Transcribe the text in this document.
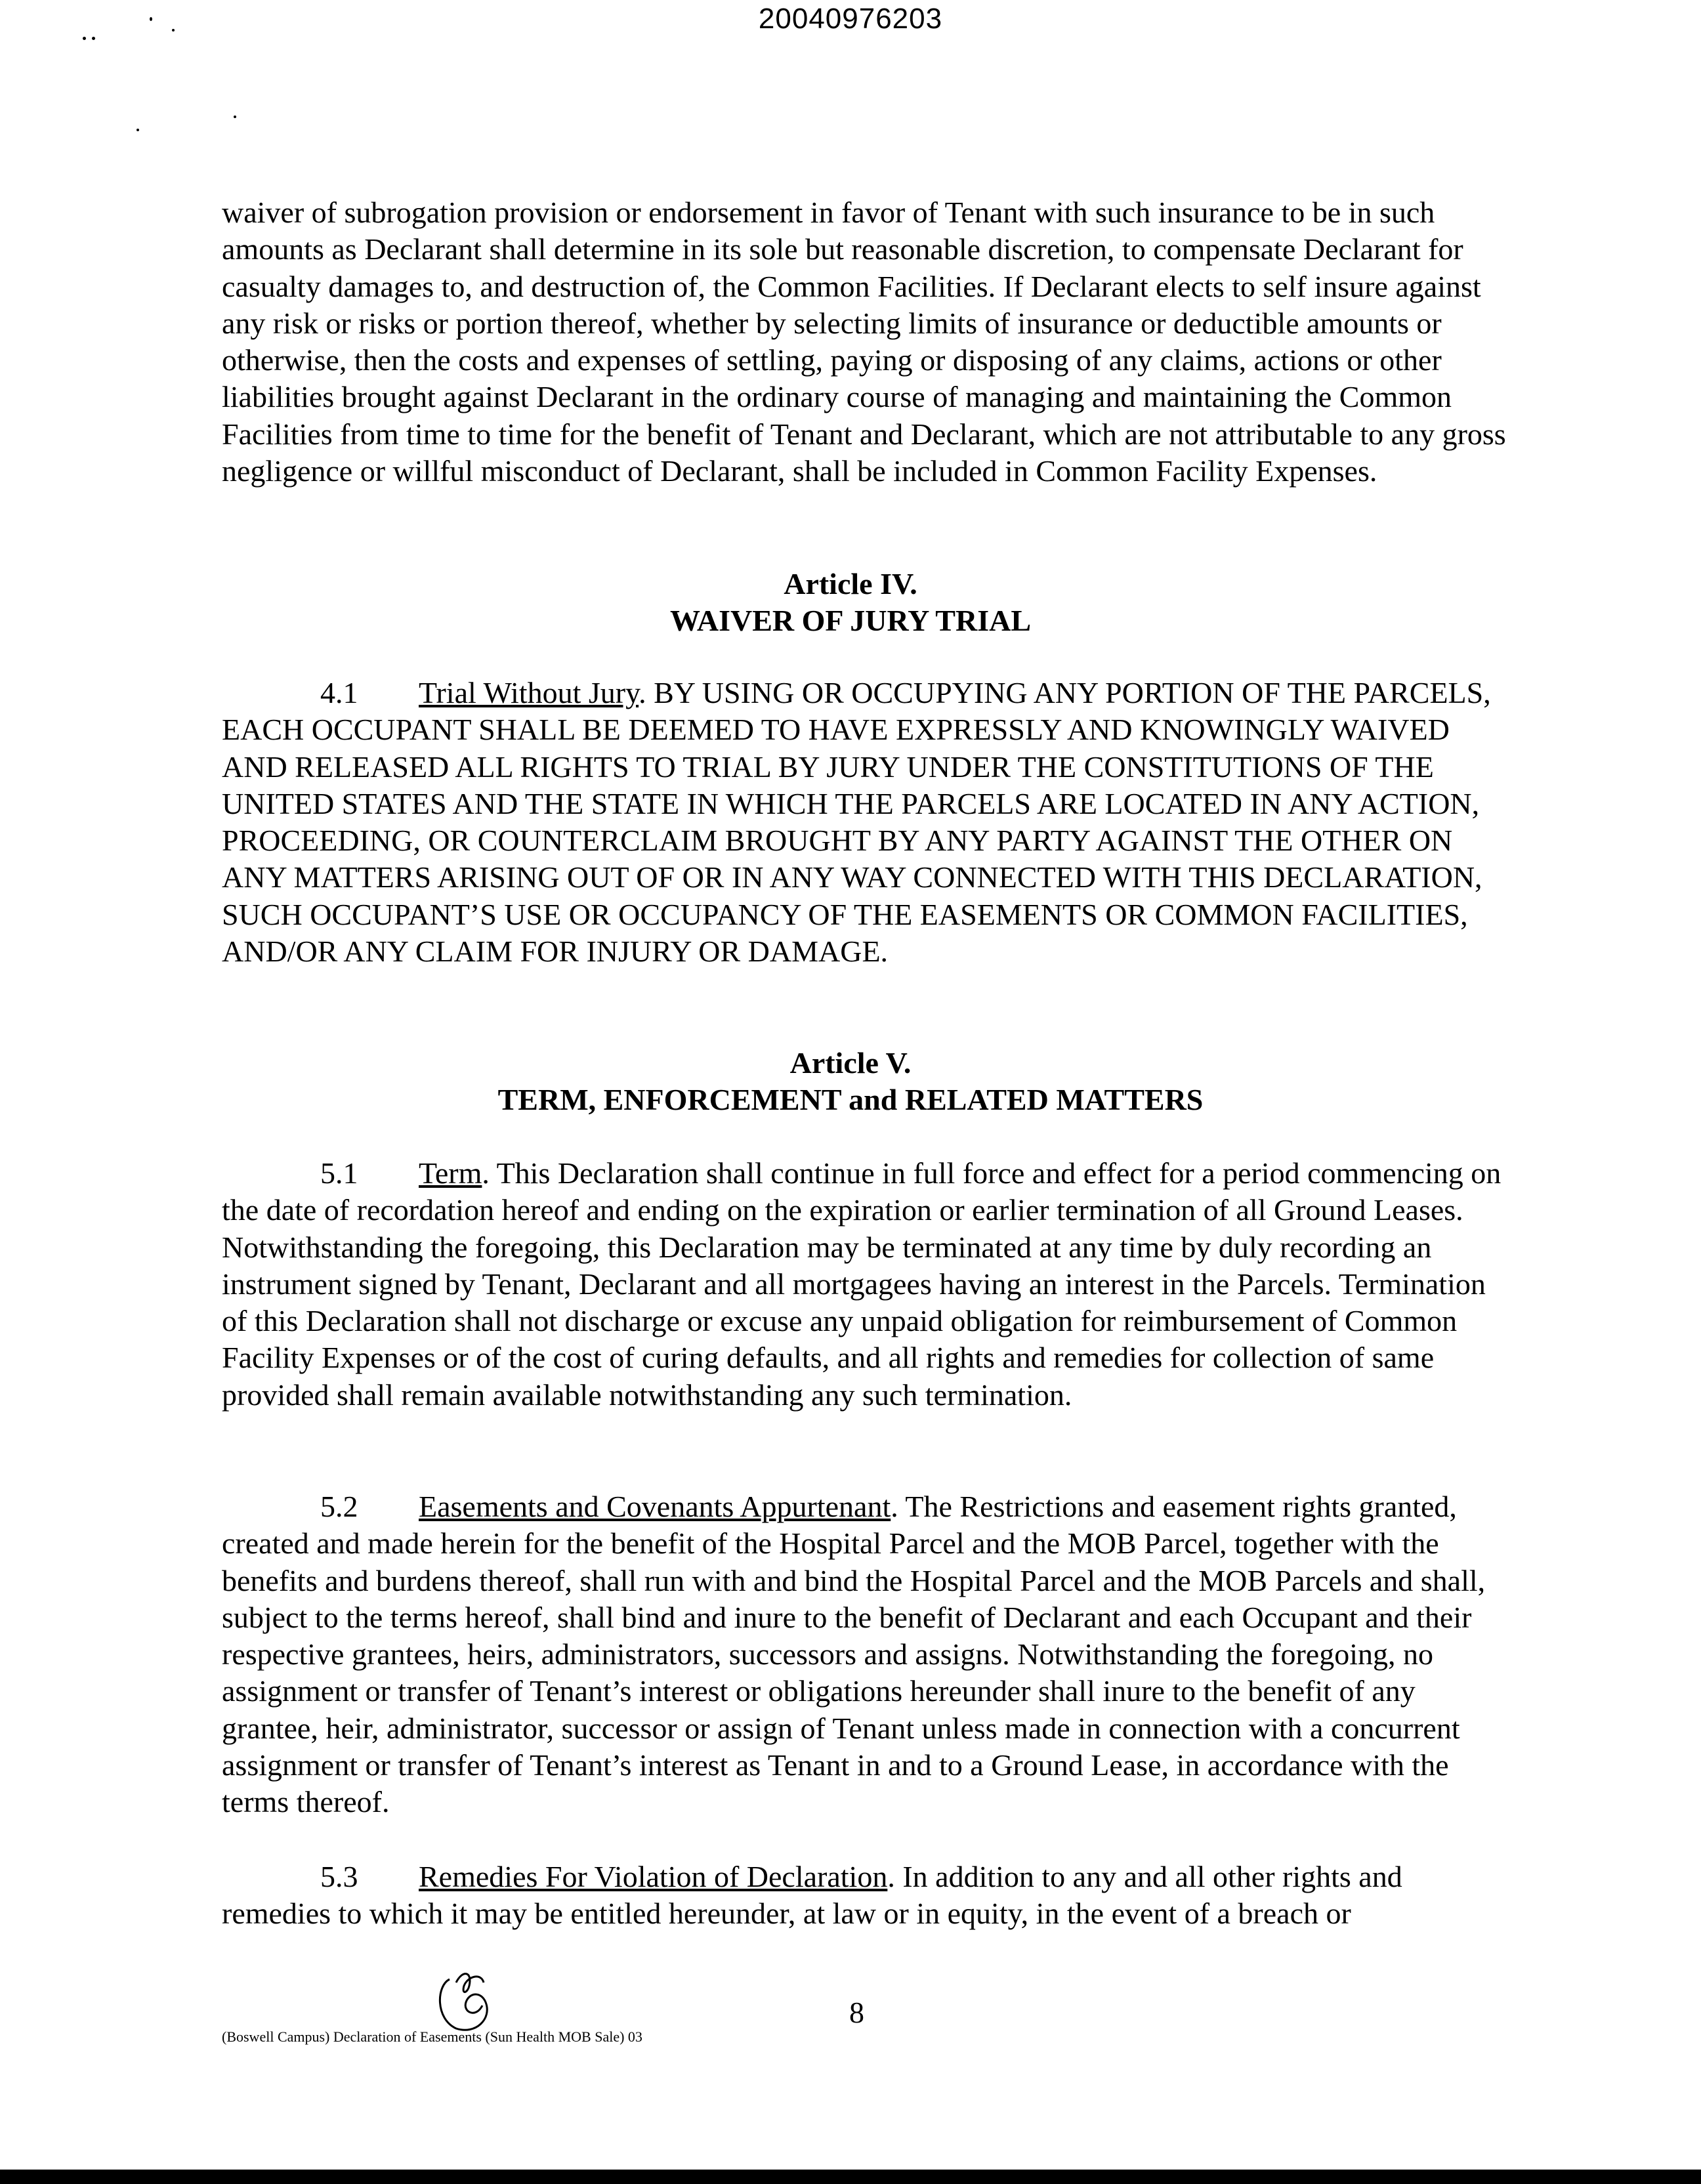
20040976203

waiver of subrogation provision or endorsement in favor of Tenant with such insurance to be in such amounts as Declarant shall determine in its sole but reasonable discretion, to compensate Declarant for casualty damages to, and destruction of, the Common Facilities. If Declarant elects to self insure against any risk or risks or portion thereof, whether by selecting limits of insurance or deductible amounts or otherwise, then the costs and expenses of settling, paying or disposing of any claims, actions or other liabilities brought against Declarant in the ordinary course of managing and maintaining the Common Facilities from time to time for the benefit of Tenant and Declarant, which are not attributable to any gross negligence or willful misconduct of Declarant, shall be included in Common Facility Expenses.

Article IV.
WAIVER OF JURY TRIAL

4.1 Trial Without Jury. BY USING OR OCCUPYING ANY PORTION OF THE PARCELS, EACH OCCUPANT SHALL BE DEEMED TO HAVE EXPRESSLY AND KNOWINGLY WAIVED AND RELEASED ALL RIGHTS TO TRIAL BY JURY UNDER THE CONSTITUTIONS OF THE UNITED STATES AND THE STATE IN WHICH THE PARCELS ARE LOCATED IN ANY ACTION, PROCEEDING, OR COUNTERCLAIM BROUGHT BY ANY PARTY AGAINST THE OTHER ON ANY MATTERS ARISING OUT OF OR IN ANY WAY CONNECTED WITH THIS DECLARATION, SUCH OCCUPANT’S USE OR OCCUPANCY OF THE EASEMENTS OR COMMON FACILITIES, AND/OR ANY CLAIM FOR INJURY OR DAMAGE.

Article V.
TERM, ENFORCEMENT and RELATED MATTERS

5.1 Term. This Declaration shall continue in full force and effect for a period commencing on the date of recordation hereof and ending on the expiration or earlier termination of all Ground Leases. Notwithstanding the foregoing, this Declaration may be terminated at any time by duly recording an instrument signed by Tenant, Declarant and all mortgagees having an interest in the Parcels. Termination of this Declaration shall not discharge or excuse any unpaid obligation for reimbursement of Common Facility Expenses or of the cost of curing defaults, and all rights and remedies for collection of same provided shall remain available notwithstanding any such termination.

5.2 Easements and Covenants Appurtenant. The Restrictions and easement rights granted, created and made herein for the benefit of the Hospital Parcel and the MOB Parcel, together with the benefits and burdens thereof, shall run with and bind the Hospital Parcel and the MOB Parcels and shall, subject to the terms hereof, shall bind and inure to the benefit of Declarant and each Occupant and their respective grantees, heirs, administrators, successors and assigns. Notwithstanding the foregoing, no assignment or transfer of Tenant’s interest or obligations hereunder shall inure to the benefit of any grantee, heir, administrator, successor or assign of Tenant unless made in connection with a concurrent assignment or transfer of Tenant’s interest as Tenant in and to a Ground Lease, in accordance with the terms thereof.

5.3 Remedies For Violation of Declaration. In addition to any and all other rights and remedies to which it may be entitled hereunder, at law or in equity, in the event of a breach or

(Boswell Campus) Declaration of Easements (Sun Health MOB Sale) 03
8
